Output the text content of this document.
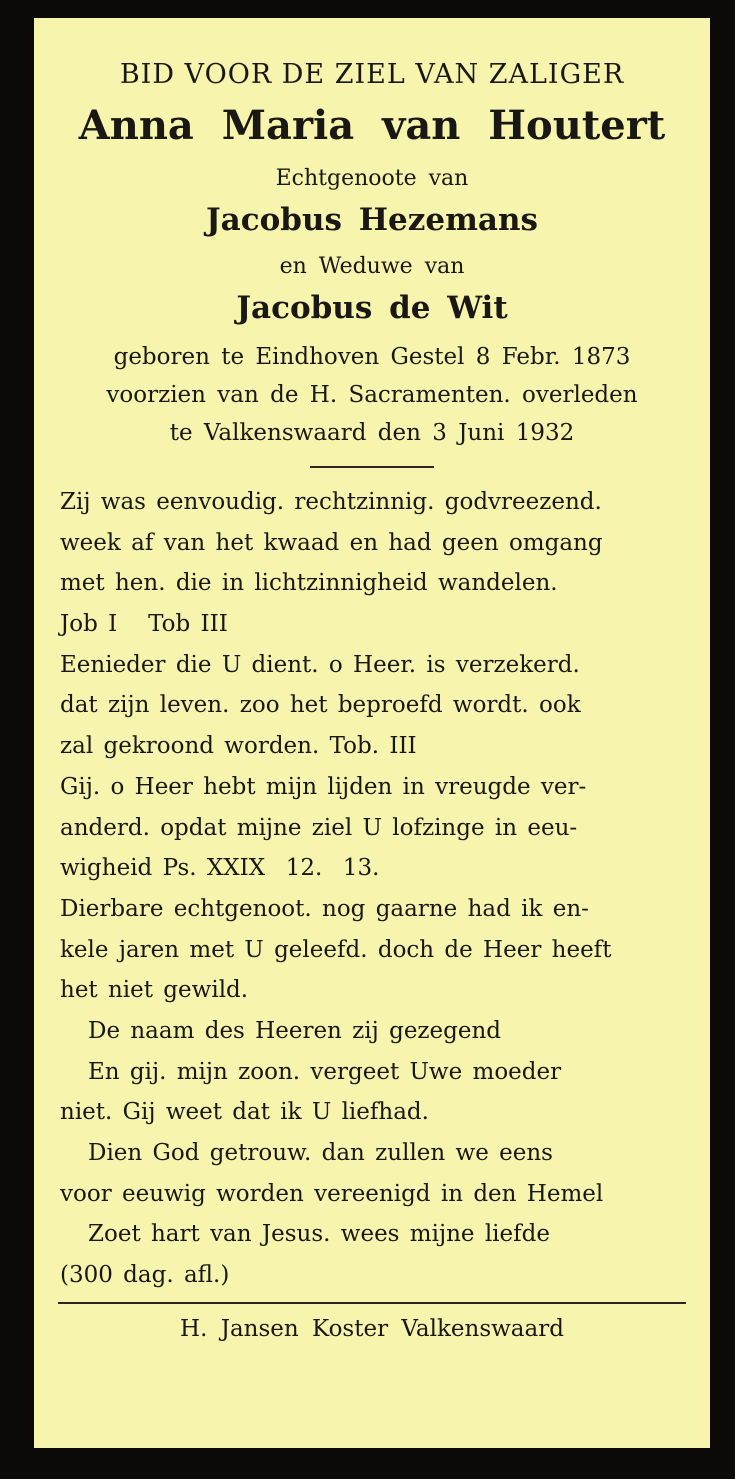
BID VOOR DE ZIEL VAN ZALIGER

Anna Maria van Houtert

Echtgenoote van

Jacobus Hezemans

en Weduwe van

Jacobus de Wit

geboren te Eindhoven Gestel 8 Febr. 1873

voorzien van de H. Sacramenten. overleden

te Valkenswaard den 3 Juni 1932

Zij was eenvoudig. rechtzinnig. godvreezend.
week af van het kwaad en had geen omgang
met hen. die in lichtzinnigheid wandelen.
Job I   Tob III
Eenieder die U dient. o Heer. is verzekerd.
dat zijn leven. zoo het beproefd wordt. ook
zal gekroond worden. Tob. III
Gij. o Heer hebt mijn lijden in vreugde ver-
anderd. opdat mijne ziel U lofzinge in eeu-
wigheid Ps. XXIX  12.  13.
Dierbare echtgenoot. nog gaarne had ik en-
kele jaren met U geleefd. doch de Heer heeft
het niet gewild.
De naam des Heeren zij gezegend
En gij. mijn zoon. vergeet Uwe moeder
niet. Gij weet dat ik U liefhad.
Dien God getrouw. dan zullen we eens
voor eeuwig worden vereenigd in den Hemel
Zoet hart van Jesus. wees mijne liefde
(300 dag. afl.)

H. Jansen Koster Valkenswaard
